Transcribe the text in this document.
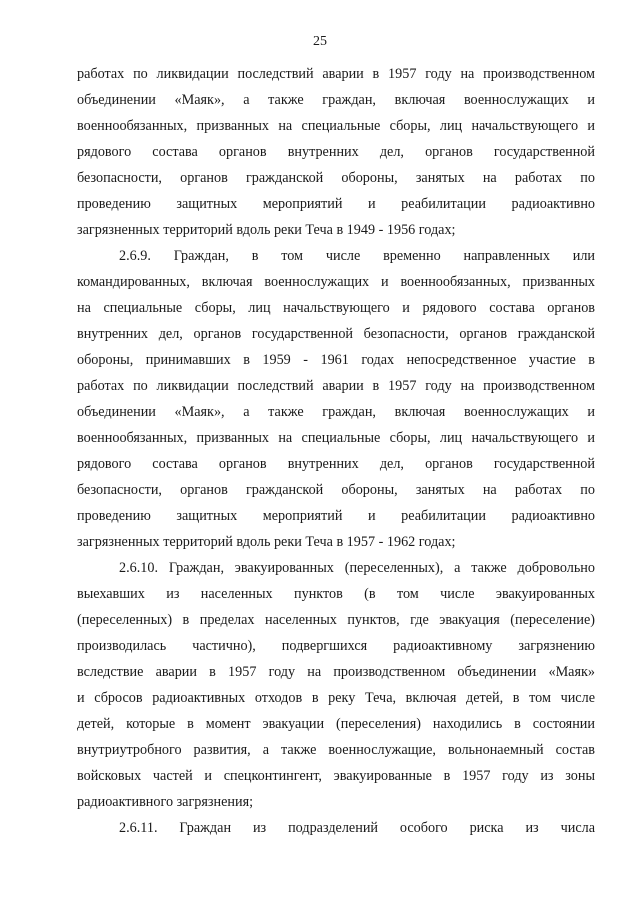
25
работах по ликвидации последствий аварии в 1957 году на производственном
объединении «Маяк», а также граждан, включая военнослужащих и
военнообязанных, призванных на специальные сборы, лиц начальствующего и
рядового состава органов внутренних дел, органов государственной
безопасности, органов гражданской обороны, занятых на работах по
проведению защитных мероприятий и реабилитации радиоактивно
загрязненных территорий вдоль реки Теча в 1949 - 1956 годах;
2.6.9. Граждан, в том числе временно направленных или
командированных, включая военнослужащих и военнообязанных, призванных
на специальные сборы, лиц начальствующего и рядового состава органов
внутренних дел, органов государственной безопасности, органов гражданской
обороны, принимавших в 1959 - 1961 годах непосредственное участие в
работах по ликвидации последствий аварии в 1957 году на производственном
объединении «Маяк», а также граждан, включая военнослужащих и
военнообязанных, призванных на специальные сборы, лиц начальствующего и
рядового состава органов внутренних дел, органов государственной
безопасности, органов гражданской обороны, занятых на работах по
проведению защитных мероприятий и реабилитации радиоактивно
загрязненных территорий вдоль реки Теча в 1957 - 1962 годах;
2.6.10. Граждан, эвакуированных (переселенных), а также добровольно
выехавших из населенных пунктов (в том числе эвакуированных
(переселенных) в пределах населенных пунктов, где эвакуация (переселение)
производилась частично), подвергшихся радиоактивному загрязнению
вследствие аварии в 1957 году на производственном объединении «Маяк»
и сбросов радиоактивных отходов в реку Теча, включая детей, в том числе
детей, которые в момент эвакуации (переселения) находились в состоянии
внутриутробного развития, а также военнослужащие, вольнонаемный состав
войсковых частей и спецконтингент, эвакуированные в 1957 году из зоны
радиоактивного загрязнения;
2.6.11. Граждан из подразделений особого риска из числа
